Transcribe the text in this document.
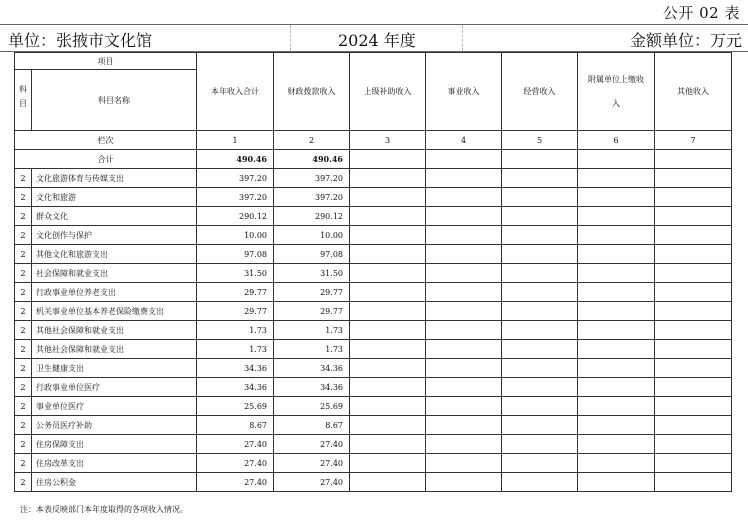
公开 02 表
单位：张掖市文化馆	2024 年度	金额单位：万元
项目		本年收入合计	财政拨款收入	上级补助收入	事业收入	经营收入	附属单位上缴收入	其他收入
科目	科目名称							
栏次		1	2	3	4	5	6	7
合计		490.46	490.46					
2	文化旅游体育与传媒支出	397.20	397.20					
2	文化和旅游	397.20	397.20					
2	群众文化	290.12	290.12					
2	文化创作与保护	10.00	10.00					
2	其他文化和旅游支出	97.08	97.08					
2	社会保障和就业支出	31.50	31.50					
2	行政事业单位养老支出	29.77	29.77					
2	机关事业单位基本养老保险缴费支出	29.77	29.77					
2	其他社会保障和就业支出	1.73	1.73					
2	其他社会保障和就业支出	1.73	1.73					
2	卫生健康支出	34.36	34.36					
2	行政事业单位医疗	34.36	34.36					
2	事业单位医疗	25.69	25.69					
2	公务员医疗补助	8.67	8.67					
2	住房保障支出	27.40	27.40					
2	住房改革支出	27.40	27.40					
2	住房公积金	27.40	27.40					
注：本表反映部门本年度取得的各项收入情况。
